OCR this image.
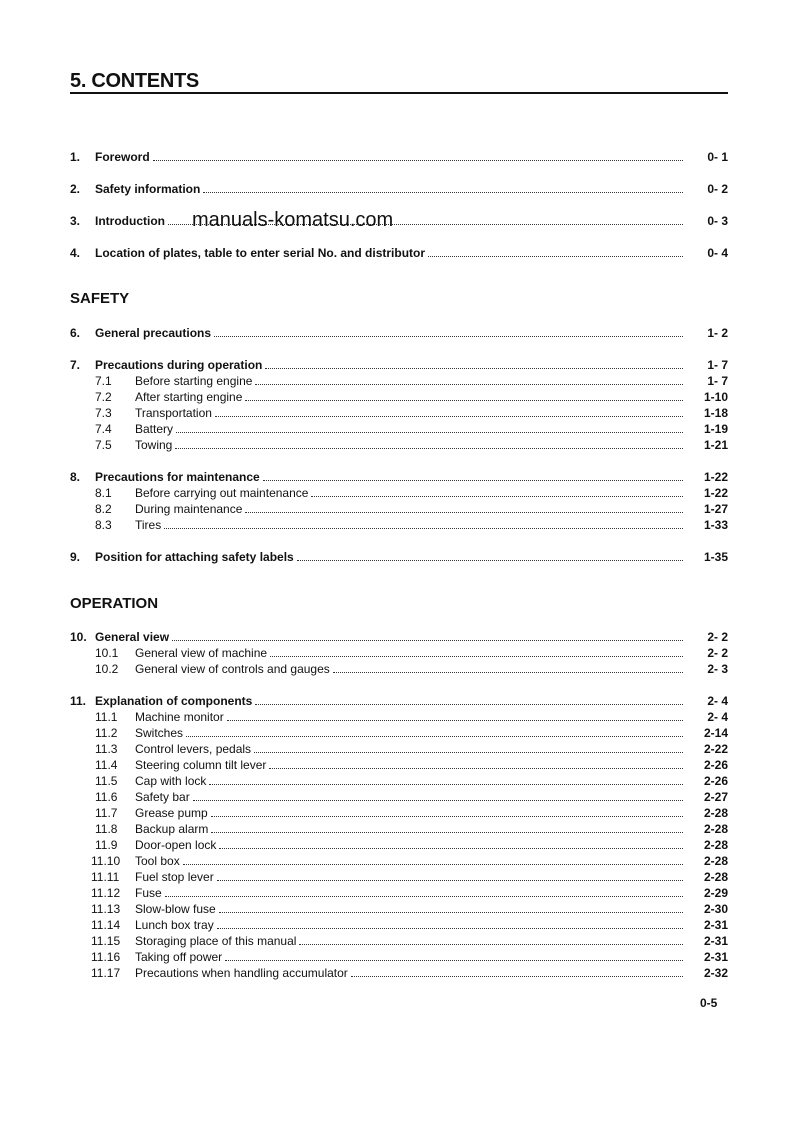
5. CONTENTS
1.	Foreword	0- 1
2.	Safety information	0- 2
3.	Introduction	0- 3
4.	Location of plates, table to enter serial No. and distributor	0- 4
manuals-komatsu.com
SAFETY
6.	General precautions	1- 2
7.	Precautions during operation	1- 7
7.1	Before starting engine	1- 7
7.2	After starting engine	1-10
7.3	Transportation	1-18
7.4	Battery	1-19
7.5	Towing	1-21
8.	Precautions for maintenance	1-22
8.1	Before carrying out maintenance	1-22
8.2	During maintenance	1-27
8.3	Tires	1-33
9.	Position for attaching safety labels	1-35
OPERATION
10. General view	2- 2
10.1	General view of machine	2- 2
10.2	General view of controls and gauges	2- 3
11. Explanation of components	2- 4
11.1	Machine monitor	2- 4
11.2	Switches	2-14
11.3	Control levers, pedals	2-22
11.4	Steering column tilt lever	2-26
11.5	Cap with lock	2-26
11.6	Safety bar	2-27
11.7	Grease pump	2-28
11.8	Backup alarm	2-28
11.9	Door-open lock	2-28
11.10	Tool box	2-28
11.11	Fuel stop lever	2-28
11.12	Fuse	2-29
11.13	Slow-blow fuse	2-30
11.14	Lunch box tray	2-31
11.15	Storaging place of this manual	2-31
11.16	Taking off power	2-31
11.17	Precautions when handling accumulator	2-32
0-5
